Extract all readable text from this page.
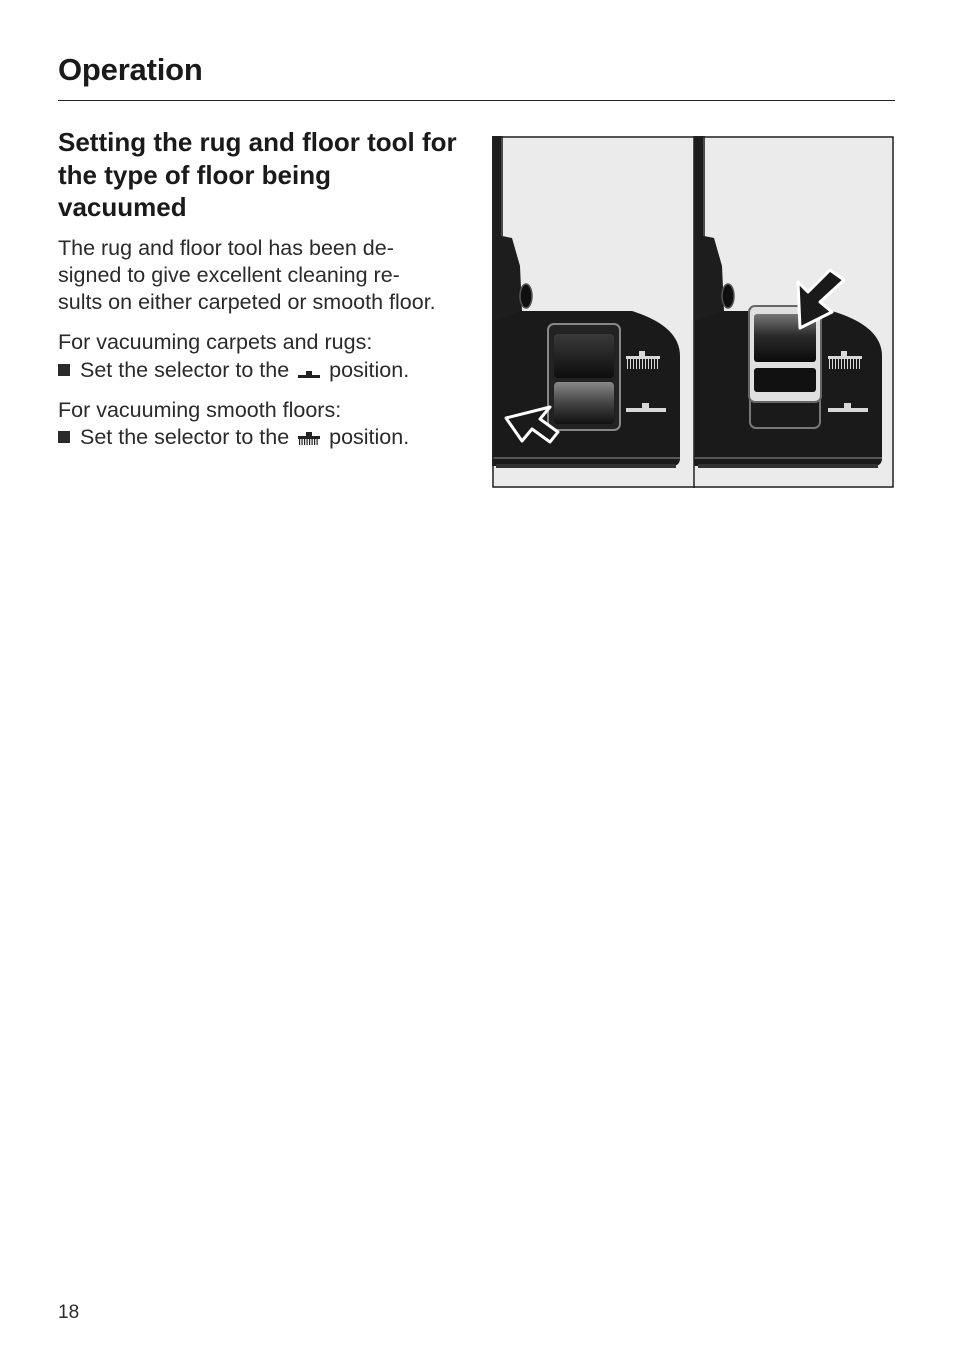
Operation
Setting the rug and floor tool for the type of floor being vacuumed

The rug and floor tool has been de-
signed to give excellent cleaning re-
sults on either carpeted or smooth floor.

For vacuuming carpets and rugs:

Set the selector to the  position.

For vacuuming smooth floors:

Set the selector to the  position.

18
